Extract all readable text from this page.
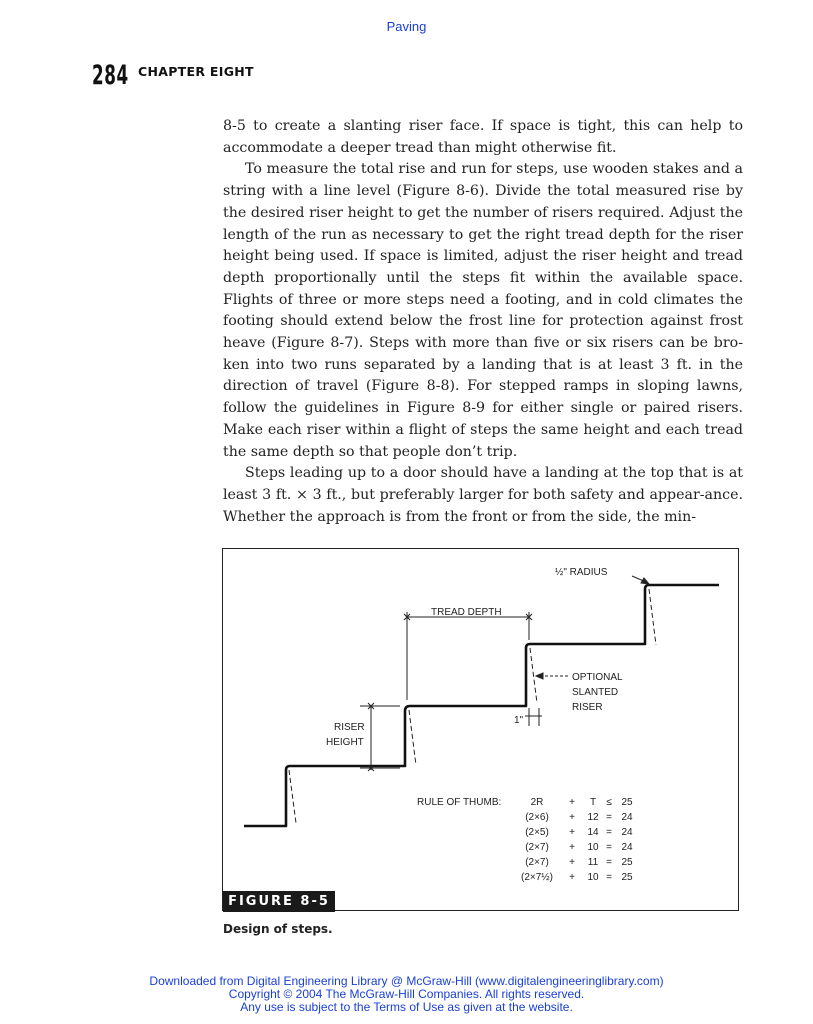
Paving
284 CHAPTER EIGHT

8-5 to create a slanting riser face. If space is tight, this can help to accommodate a deeper tread than might otherwise fit.

To measure the total rise and run for steps, use wooden stakes and a string with a line level (Figure 8-6). Divide the total measured rise by the desired riser height to get the number of risers required. Adjust the length of the run as necessary to get the right tread depth for the riser height being used. If space is limited, adjust the riser height and tread depth proportionally until the steps fit within the available space. Flights of three or more steps need a footing, and in cold climates the footing should extend below the frost line for protection against frost heave (Figure 8-7). Steps with more than five or six risers can be bro-ken into two runs separated by a landing that is at least 3 ft. in the direction of travel (Figure 8-8). For stepped ramps in sloping lawns, follow the guidelines in Figure 8-9 for either single or paired risers. Make each riser within a flight of steps the same height and each tread the same depth so that people don’t trip.

Steps leading up to a door should have a landing at the top that is at least 3 ft. × 3 ft., but preferably larger for both safety and appear-ance. Whether the approach is from the front or from the side, the min-

TREAD DEPTH
RISER
HEIGHT
1"
OPTIONAL
SLANTED
RISER
½" RADIUS
RULE OF THUMB:	2R	+ T ≤ 25
(2×6) + 12 = 24
(2×5) + 14 = 24
(2×7) + 10 = 24
(2×7) + 11 = 25
(2×7½) + 10 = 25
FIGURE 8-5
Design of steps.
Downloaded from Digital Engineering Library @ McGraw-Hill (www.digitalengineeringlibrary.com)
Copyright © 2004 The McGraw-Hill Companies. All rights reserved.
Any use is subject to the Terms of Use as given at the website.
